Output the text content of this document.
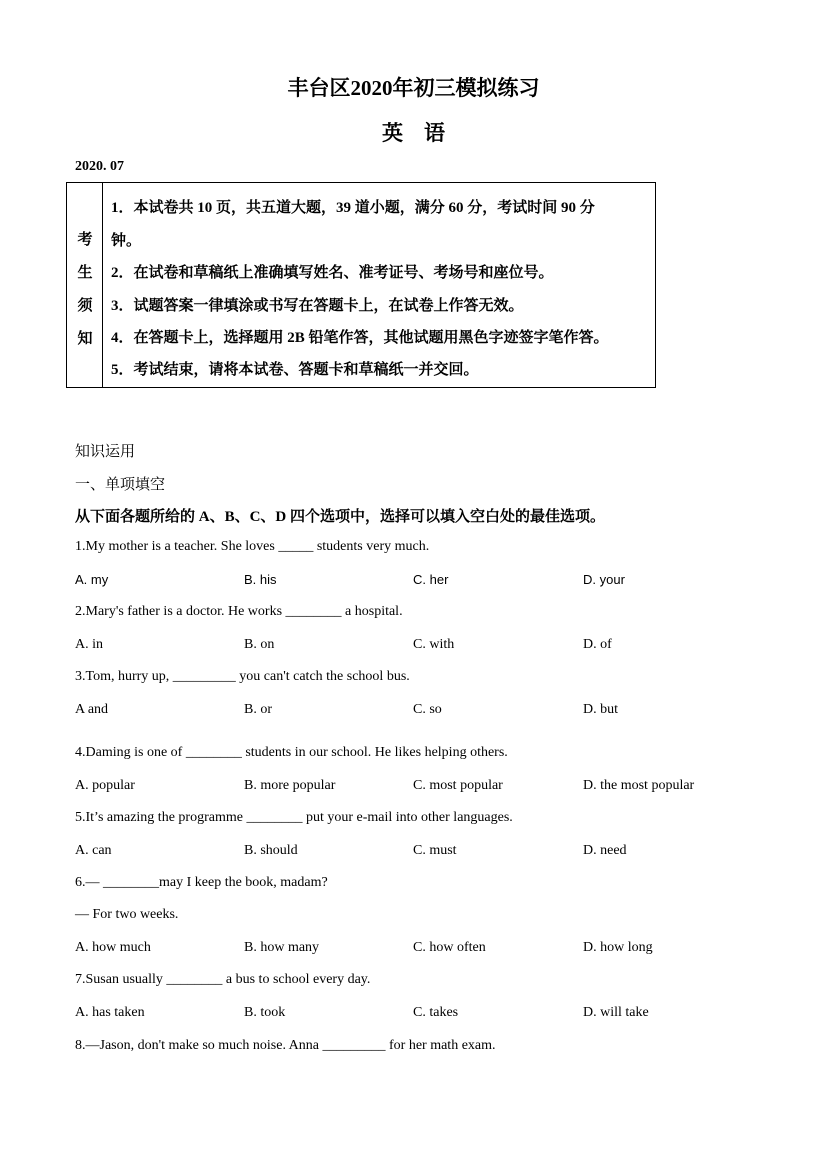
丰台区2020年初三模拟练习
英　语
2020. 07
考
生
须
知
1．本试卷共 10 页，共五道大题，39 道小题，满分 60 分，考试时间 90 分
钟。
2．在试卷和草稿纸上准确填写姓名、准考证号、考场号和座位号。
3．试题答案一律填涂或书写在答题卡上，在试卷上作答无效。
4．在答题卡上，选择题用 2B 铅笔作答，其他试题用黑色字迹签字笔作答。
5．考试结束，请将本试卷、答题卡和草稿纸一并交回。
知识运用
一、单项填空
从下面各题所给的 A、B、C、D 四个选项中，选择可以填入空白处的最佳选项。
1.My mother is a teacher. She loves _____ students very much.
A. my	B. his	C. her	D. your
2.Mary's father is a doctor. He works ________ a hospital.
A. in	B. on	C. with	D. of
3.Tom, hurry up, _________ you can't catch the school bus.
A and	B. or	C. so	D. but
4.Daming is one of ________ students in our school. He likes helping others.
A. popular	B. more popular	C. most popular	D. the most popular
5.It’s amazing the programme ________ put your e-mail into other languages.
A. can	B. should	C. must	D. need
6.— ________may I keep the book, madam?
— For two weeks.
A. how much	B. how many	C. how often	D. how long
7.Susan usually ________ a bus to school every day.
A. has taken	B. took	C. takes	D. will take
8.—Jason, don't make so much noise. Anna _________ for her math exam.
